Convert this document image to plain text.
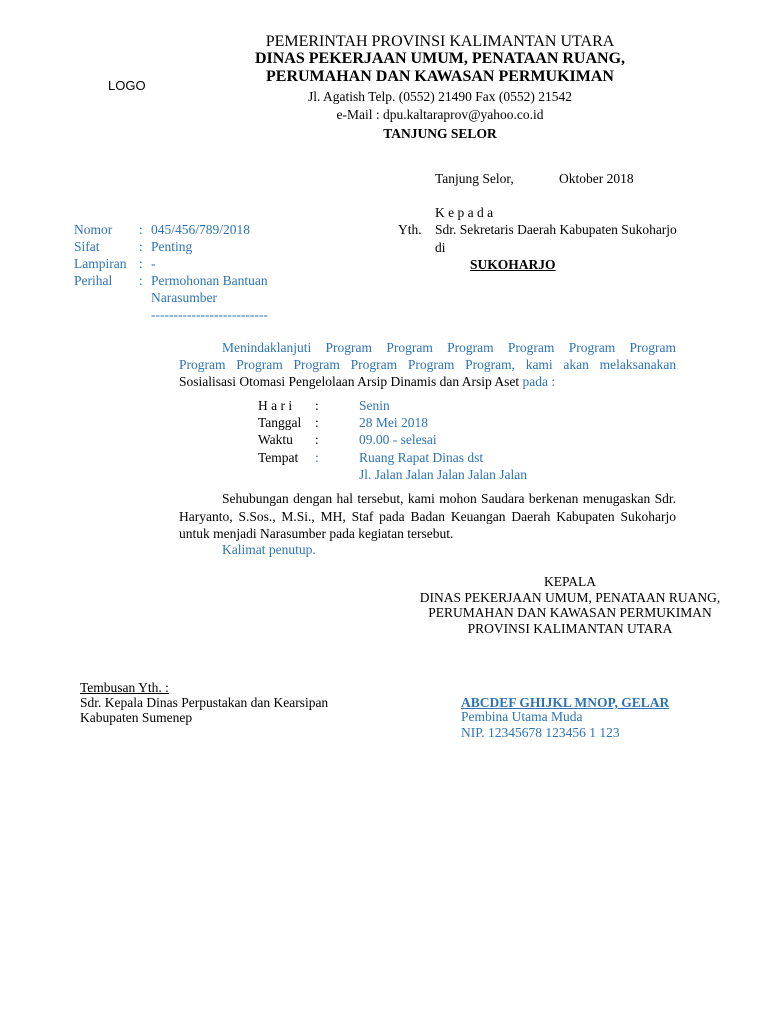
LOGO
PEMERINTAH PROVINSI KALIMANTAN UTARA
DINAS PEKERJAAN UMUM, PENATAAN RUANG,
PERUMAHAN DAN KAWASAN PERMUKIMAN
Jl. Agatish Telp. (0552) 21490 Fax (0552) 21542
e-Mail : dpu.kaltaraprov@yahoo.co.id
TANJUNG SELOR
Tanjung Selor,	Oktober 2018
K e p a d a
Yth. Sdr. Sekretaris Daerah Kabupaten Sukoharjo
di
SUKOHARJO
Nomor : 045/456/789/2018
Sifat	: Penting
Lampiran : -
Perihal : Permohonan Bantuan
Narasumber
--------------------------
Menindaklanjuti Program Program Program Program Program Program
Program Program Program Program Program Program, kami akan melaksanakan
Sosialisasi Otomasi Pengelolaan Arsip Dinamis dan Arsip Aset pada :
H a r i :	Senin
Tanggal :	28 Mei 2018
Waktu :	09.00 - selesai
Tempat :	Ruang Rapat Dinas dst
Jl. Jalan Jalan Jalan Jalan Jalan
Sehubungan dengan hal tersebut, kami mohon Saudara berkenan menugaskan Sdr. Haryanto, S.Sos., M.Si., MH, Staf pada Badan Keuangan Daerah Kabupaten Sukoharjo untuk menjadi Narasumber pada kegiatan tersebut.
Kalimat penutup.
KEPALA
DINAS PEKERJAAN UMUM, PENATAAN RUANG,
PERUMAHAN DAN KAWASAN PERMUKIMAN
PROVINSI KALIMANTAN UTARA
ABCDEF GHIJKL MNOP, GELAR
Pembina Utama Muda
NIP. 12345678 123456 1 123
Tembusan Yth. :
Sdr. Kepala Dinas Perpustakan dan Kearsipan
Kabupaten Sumenep
